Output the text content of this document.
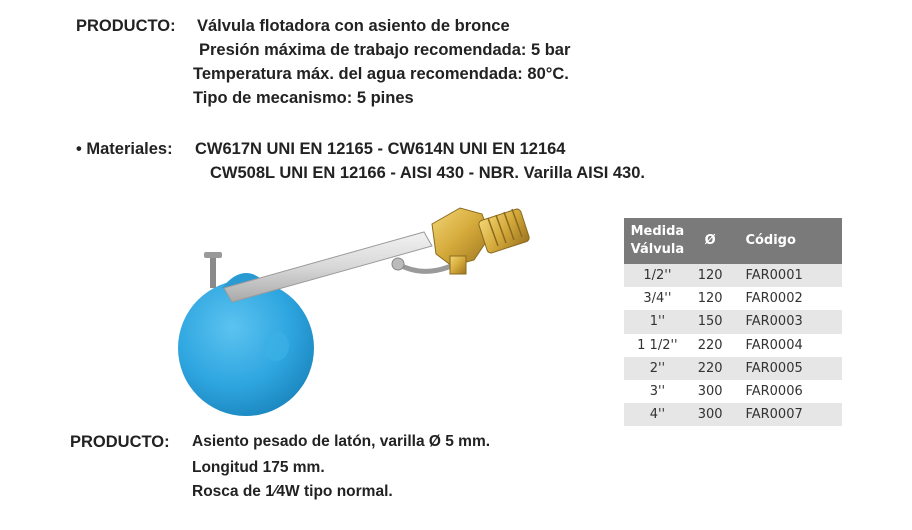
PRODUCTO: Válvula flotadora con asiento de bronce
Presión máxima de trabajo recomendada: 5 bar
Temperatura máx. del agua recomendada: 80°C.
Tipo de mecanismo: 5 pines
• Materiales: CW617N UNI EN 12165 - CW614N UNI EN 12164
CW508L UNI EN 12166 - AISI 430 - NBR. Varilla AISI 430.
Medida
Válvula	Ø	Código
1/2''	120	FAR0001
3/4''	120	FAR0002
1''	150	FAR0003
1 1/2''	220	FAR0004
2''	220	FAR0005
3''	300	FAR0006
4''	300	FAR0007
PRODUCTO: Asiento pesado de latón, varilla Ø 5 mm.
Longitud 175 mm.
Rosca de 1⁄4W tipo normal.
